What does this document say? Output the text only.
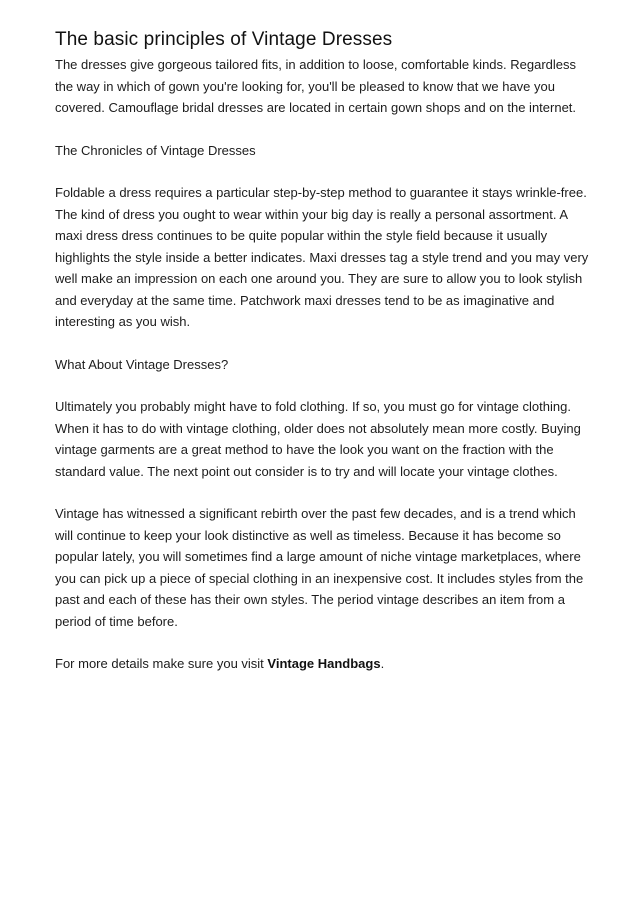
The basic principles of Vintage Dresses

The dresses give gorgeous tailored fits, in addition to loose, comfortable kinds. Regardless the way in which of gown you're looking for, you'll be pleased to know that we have you covered. Camouflage bridal dresses are located in certain gown shops and on the internet.

The Chronicles of Vintage Dresses

Foldable a dress requires a particular step-by-step method to guarantee it stays wrinkle-free. The kind of dress you ought to wear within your big day is really a personal assortment. A maxi dress dress continues to be quite popular within the style field because it usually highlights the style inside a better indicates. Maxi dresses tag a style trend and you may very well make an impression on each one around you. They are sure to allow you to look stylish and everyday at the same time. Patchwork maxi dresses tend to be as imaginative and interesting as you wish.

What About Vintage Dresses?

Ultimately you probably might have to fold clothing. If so, you must go for vintage clothing. When it has to do with vintage clothing, older does not absolutely mean more costly. Buying vintage garments are a great method to have the look you want on the fraction with the standard value. The next point out consider is to try and will locate your vintage clothes.

Vintage has witnessed a significant rebirth over the past few decades, and is a trend which will continue to keep your look distinctive as well as timeless. Because it has become so popular lately, you will sometimes find a large amount of niche vintage marketplaces, where you can pick up a piece of special clothing in an inexpensive cost. It includes styles from the past and each of these has their own styles. The period vintage describes an item from a period of time before.

For more details make sure you visit Vintage Handbags.
